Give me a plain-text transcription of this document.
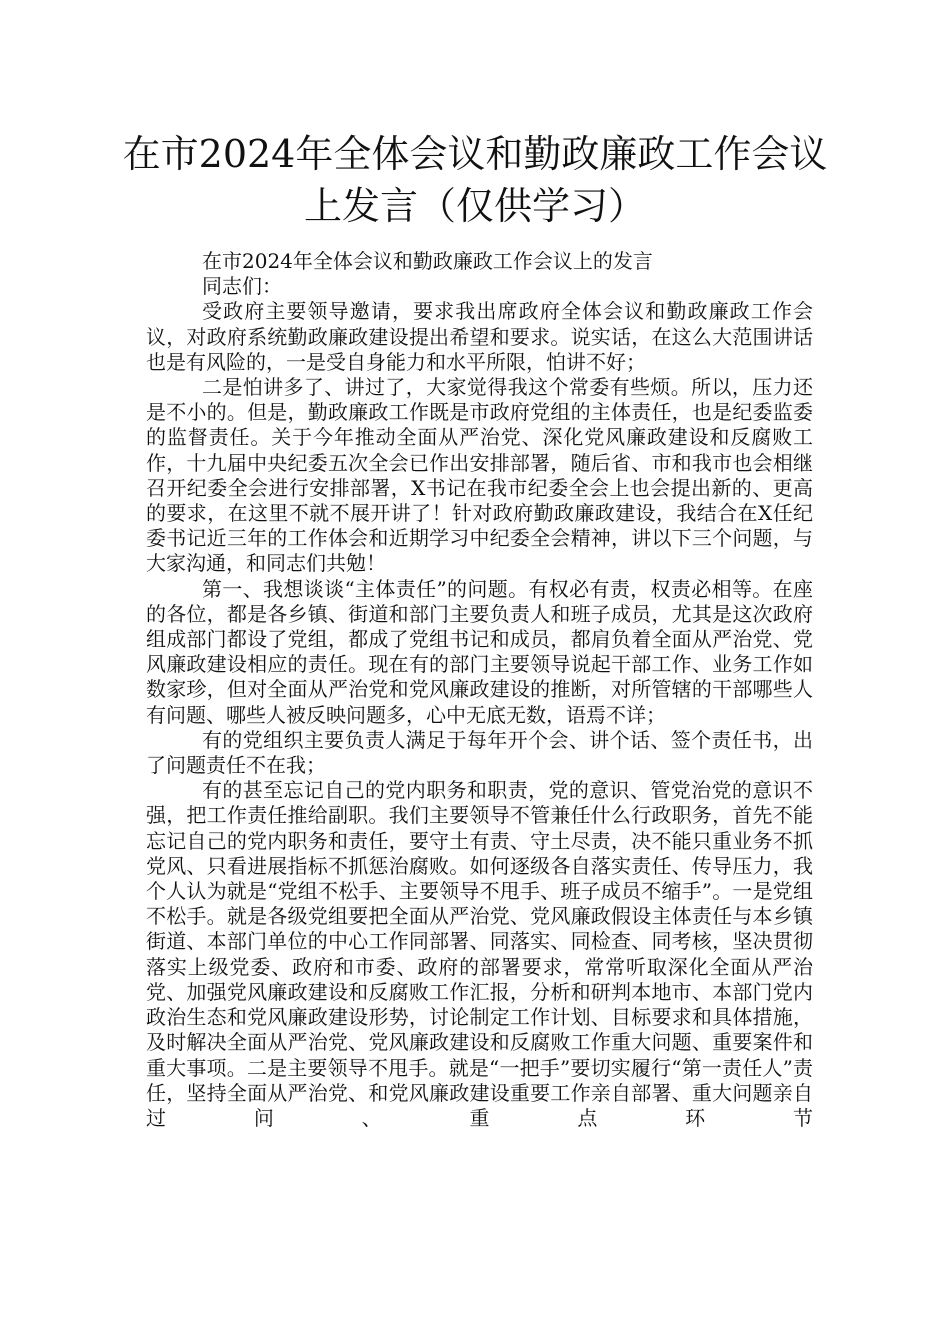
在市2024年全体会议和勤政廉政工作会议
上发言（仅供学习）

在市2024年全体会议和勤政廉政工作会议上的发言

同志们：

受政府主要领导邀请，要求我出席政府全体会议和勤政廉政工作会议，对政府系统勤政廉政建设提出希望和要求。说实话，在这么大范围讲话也是有风险的，一是受自身能力和水平所限，怕讲不好；

二是怕讲多了、讲过了，大家觉得我这个常委有些烦。所以，压力还是不小的。但是，勤政廉政工作既是市政府党组的主体责任，也是纪委监委的监督责任。关于今年推动全面从严治党、深化党风廉政建设和反腐败工作，十九届中央纪委五次全会已作出安排部署，随后省、市和我市也会相继召开纪委全会进行安排部署，X书记在我市纪委全会上也会提出新的、更高的要求，在这里不就不展开讲了！针对政府勤政廉政建设，我结合在X任纪委书记近三年的工作体会和近期学习中纪委全会精神，讲以下三个问题，与大家沟通，和同志们共勉！

第一、我想谈谈“主体责任”的问题。有权必有责，权责必相等。在座的各位，都是各乡镇、街道和部门主要负责人和班子成员，尤其是这次政府组成部门都设了党组，都成了党组书记和成员，都肩负着全面从严治党、党风廉政建设相应的责任。现在有的部门主要领导说起干部工作、业务工作如数家珍，但对全面从严治党和党风廉政建设的推断，对所管辖的干部哪些人有问题、哪些人被反映问题多，心中无底无数，语焉不详；

有的党组织主要负责人满足于每年开个会、讲个话、签个责任书，出了问题责任不在我；

有的甚至忘记自己的党内职务和职责，党的意识、管党治党的意识不强，把工作责任推给副职。我们主要领导不管兼任什么行政职务，首先不能忘记自己的党内职务和责任，要守土有责、守土尽责，决不能只重业务不抓党风、只看进展指标不抓惩治腐败。如何逐级各自落实责任、传导压力，我个人认为就是“党组不松手、主要领导不甩手、班子成员不缩手”。一是党组不松手。就是各级党组要把全面从严治党、党风廉政假设主体责任与本乡镇街道、本部门单位的中心工作同部署、同落实、同检查、同考核，坚决贯彻落实上级党委、政府和市委、政府的部署要求，常常听取深化全面从严治党、加强党风廉政建设和反腐败工作汇报，分析和研判本地市、本部门党内政治生态和党风廉政建设形势，讨论制定工作计划、目标要求和具体措施，及时解决全面从严治党、党风廉政建设和反腐败工作重大问题、重要案件和重大事项。二是主要领导不甩手。就是“一把手”要切实履行“第一责任人”责任，坚持全面从严治党、和党风廉政建设重要工作亲自部署、重大问题亲自过问、重点环节
